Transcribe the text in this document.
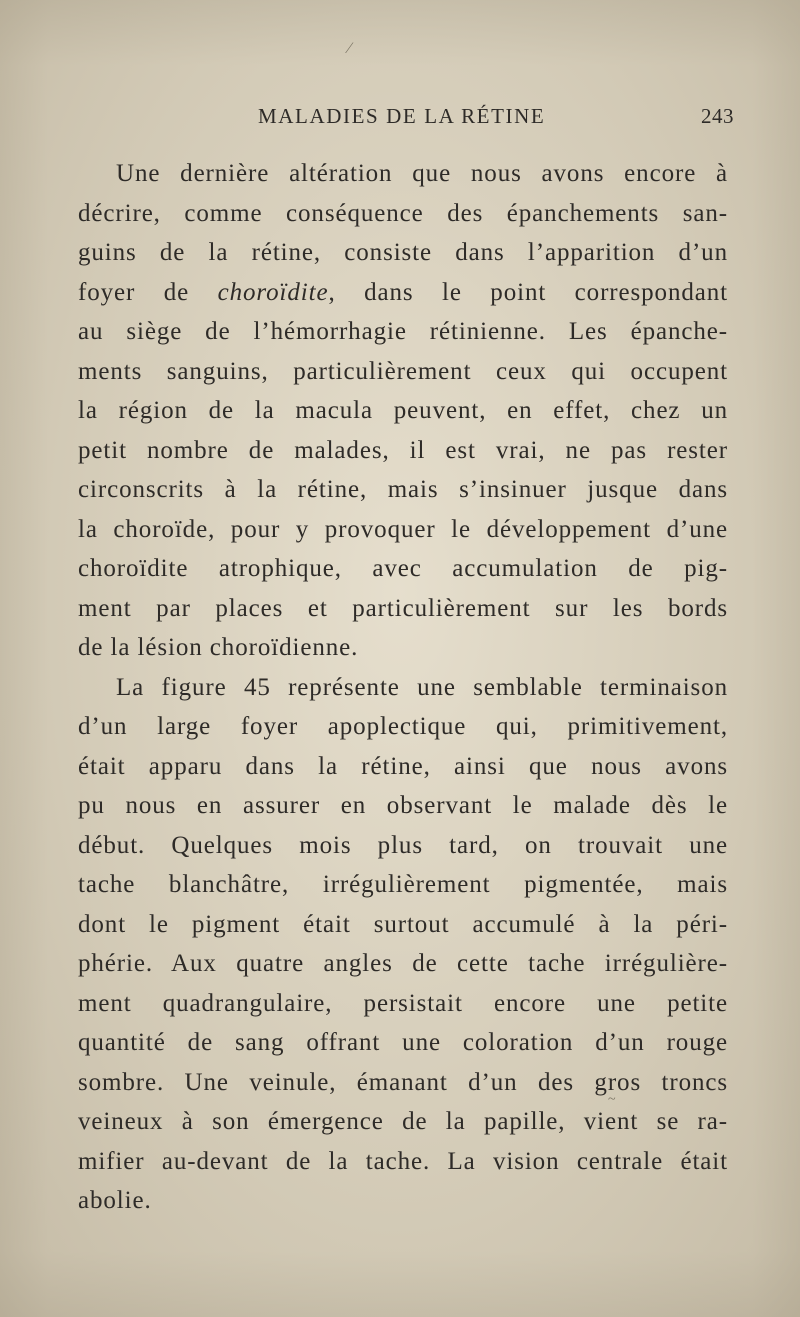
MALADIES DE LA RÉTINE	243
Une dernière altération que nous avons encore à
décrire, comme conséquence des épanchements san-
guins de la rétine, consiste dans l’apparition d’un
foyer de choroïdite, dans le point correspondant
au siège de l’hémorrhagie rétinienne. Les épanche-
ments sanguins, particulièrement ceux qui occupent
la région de la macula peuvent, en effet, chez un
petit nombre de malades, il est vrai, ne pas rester
circonscrits à la rétine, mais s’insinuer jusque dans
la choroïde, pour y provoquer le développement d’une
choroïdite atrophique, avec accumulation de pig-
ment par places et particulièrement sur les bords
de la lésion choroïdienne.
La figure 45 représente une semblable terminaison
d’un large foyer apoplectique qui, primitivement,
était apparu dans la rétine, ainsi que nous avons
pu nous en assurer en observant le malade dès le
début. Quelques mois plus tard, on trouvait une
tache blanchâtre, irrégulièrement pigmentée, mais
dont le pigment était surtout accumulé à la péri-
phérie. Aux quatre angles de cette tache irrégulière-
ment quadrangulaire, persistait encore une petite
quantité de sang offrant une coloration d’un rouge
sombre. Une veinule, émanant d’un des gros troncs
veineux à son émergence de la papille, vient se ra-
mifier au-devant de la tache. La vision centrale était
abolie.
⁄
~
